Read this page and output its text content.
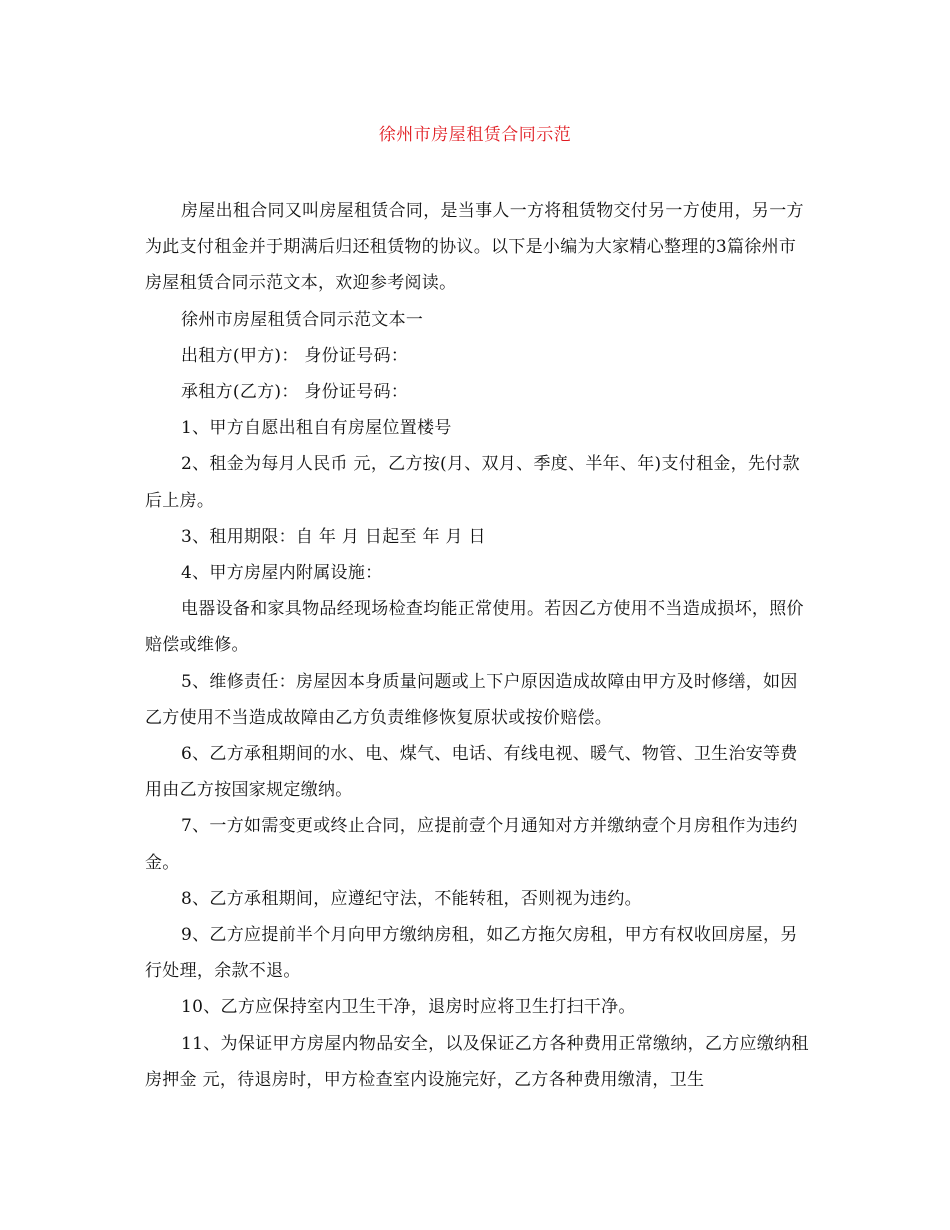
徐州市房屋租赁合同示范

房屋出租合同又叫房屋租赁合同，是当事人一方将租赁物交付另一方使用，另一方为此支付租金并于期满后归还租赁物的协议。以下是小编为大家精心整理的3篇徐州市房屋租赁合同示范文本，欢迎参考阅读。

徐州市房屋租赁合同示范文本一

出租方(甲方)： 身份证号码：

承租方(乙方)： 身份证号码：

1、甲方自愿出租自有房屋位置楼号

2、租金为每月人民币 元，乙方按(月、双月、季度、半年、年)支付租金，先付款后上房。

3、租用期限：自 年 月 日起至 年 月 日

4、甲方房屋内附属设施：

电器设备和家具物品经现场检查均能正常使用。若因乙方使用不当造成损坏，照价赔偿或维修。

5、维修责任：房屋因本身质量问题或上下户原因造成故障由甲方及时修缮，如因乙方使用不当造成故障由乙方负责维修恢复原状或按价赔偿。

6、乙方承租期间的水、电、煤气、电话、有线电视、暖气、物管、卫生治安等费用由乙方按国家规定缴纳。

7、一方如需变更或终止合同，应提前壹个月通知对方并缴纳壹个月房租作为违约金。

8、乙方承租期间，应遵纪守法，不能转租，否则视为违约。

9、乙方应提前半个月向甲方缴纳房租，如乙方拖欠房租，甲方有权收回房屋，另行处理，余款不退。

10、乙方应保持室内卫生干净，退房时应将卫生打扫干净。

11、为保证甲方房屋内物品安全，以及保证乙方各种费用正常缴纳，乙方应缴纳租房押金 元，待退房时，甲方检查室内设施完好，乙方各种费用缴清，卫生
